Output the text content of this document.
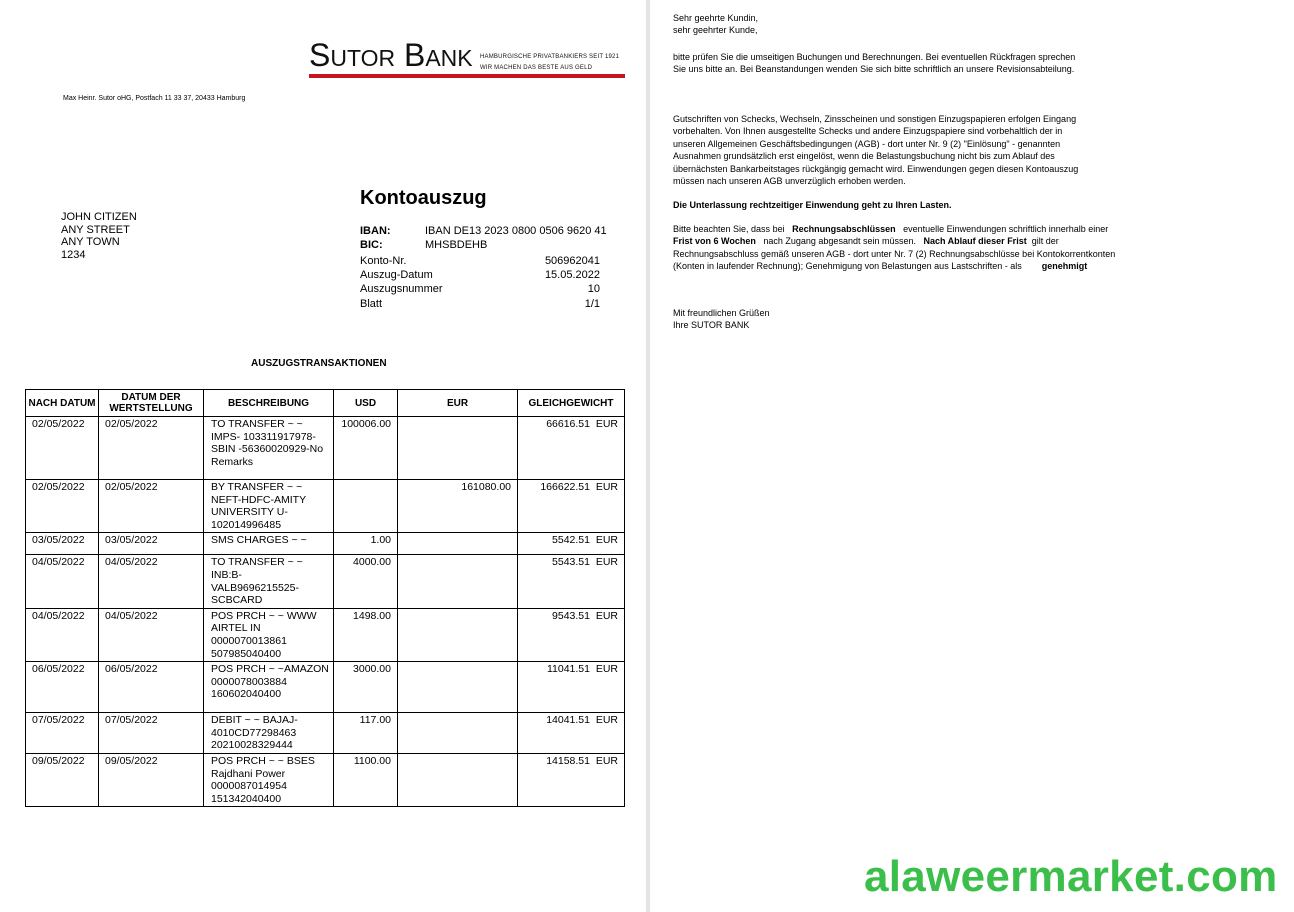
SUTOR BANK HAMBURGISCHE PRIVATBANKIERS SEIT 1921
WIR MACHEN DAS BESTE AUS GELD
Max Heinr. Sutor oHG, Postfach 11 33 37, 20433 Hamburg
JOHN CITIZEN
ANY STREET
ANY TOWN
1234
Kontoauszug
IBAN:	IBAN DE13 2023 0800 0506 9620 41
BIC:	MHSBDEHB
Konto-Nr.	506962041
Auszug-Datum	15.05.2022
Auszugsnummer	10
Blatt	1/1
AUSZUGSTRANSAKTIONEN
NACH DATUM	DATUM DER WERTSTELLUNG	BESCHREIBUNG	USD	EUR	GLEICHGEWICHT
02/05/2022	02/05/2022	TO TRANSFER ~ ~ IMPS- 103311917978- SBIN -56360020929-No Remarks	100006.00		66616.51 EUR
02/05/2022	02/05/2022	BY TRANSFER ~ ~ NEFT-HDFC-AMITY UNIVERSITY U- 102014996485		161080.00	166622.51 EUR
03/05/2022	03/05/2022	SMS CHARGES ~ ~	1.00		5542.51 EUR
04/05/2022	04/05/2022	TO TRANSFER ~ ~ INB:B- VALB9696215525- SCBCARD	4000.00		5543.51 EUR
04/05/2022	04/05/2022	POS PRCH ~ ~ WWW AIRTEL IN 0000070013861 507985040400	1498.00		9543.51 EUR
06/05/2022	06/05/2022	POS PRCH ~ ~AMAZON 0000078003884 160602040400	3000.00		11041.51 EUR
07/05/2022	07/05/2022	DEBIT ~ ~ BAJAJ- 4010CD77298463 20210028329444	117.00		14041.51 EUR
09/05/2022	09/05/2022	POS PRCH ~ ~ BSES Rajdhani Power 0000087014954 151342040400	1100.00		14158.51 EUR
Sehr geehrte Kundin,
sehr geehrter Kunde,
bitte prüfen Sie die umseitigen Buchungen und Berechnungen. Bei eventuellen Rückfragen sprechen
Sie uns bitte an. Bei Beanstandungen wenden Sie sich bitte schriftlich an unsere Revisionsabteilung.
Gutschriften von Schecks, Wechseln, Zinsscheinen und sonstigen Einzugspapieren erfolgen Eingang
vorbehalten. Von Ihnen ausgestellte Schecks und andere Einzugspapiere sind vorbehaltlich der in
unseren Allgemeinen Geschäftsbedingungen (AGB) - dort unter Nr. 9 (2) "Einlösung" - genannten
Ausnahmen grundsätzlich erst eingelöst, wenn die Belastungsbuchung nicht bis zum Ablauf des
übernächsten Bankarbeitstages rückgängig gemacht wird. Einwendungen gegen diesen Kontoauszug
müssen nach unseren AGB unverzüglich erhoben werden.
Die Unterlassung rechtzeitiger Einwendung geht zu Ihren Lasten.
Bitte beachten Sie, dass bei Rechnungsabschlüssen eventuelle Einwendungen schriftlich innerhalb einer
Frist von 6 Wochen nach Zugang abgesandt sein müssen. Nach Ablauf dieser Frist gilt der
Rechnungsabschluss gemäß unseren AGB - dort unter Nr. 7 (2) Rechnungsabschlüsse bei Kontokorrentkonten
(Konten in laufender Rechnung); Genehmigung von Belastungen aus Lastschriften - als genehmigt
Mit freundlichen Grüßen
Ihre SUTOR BANK
alaweermarket.com
